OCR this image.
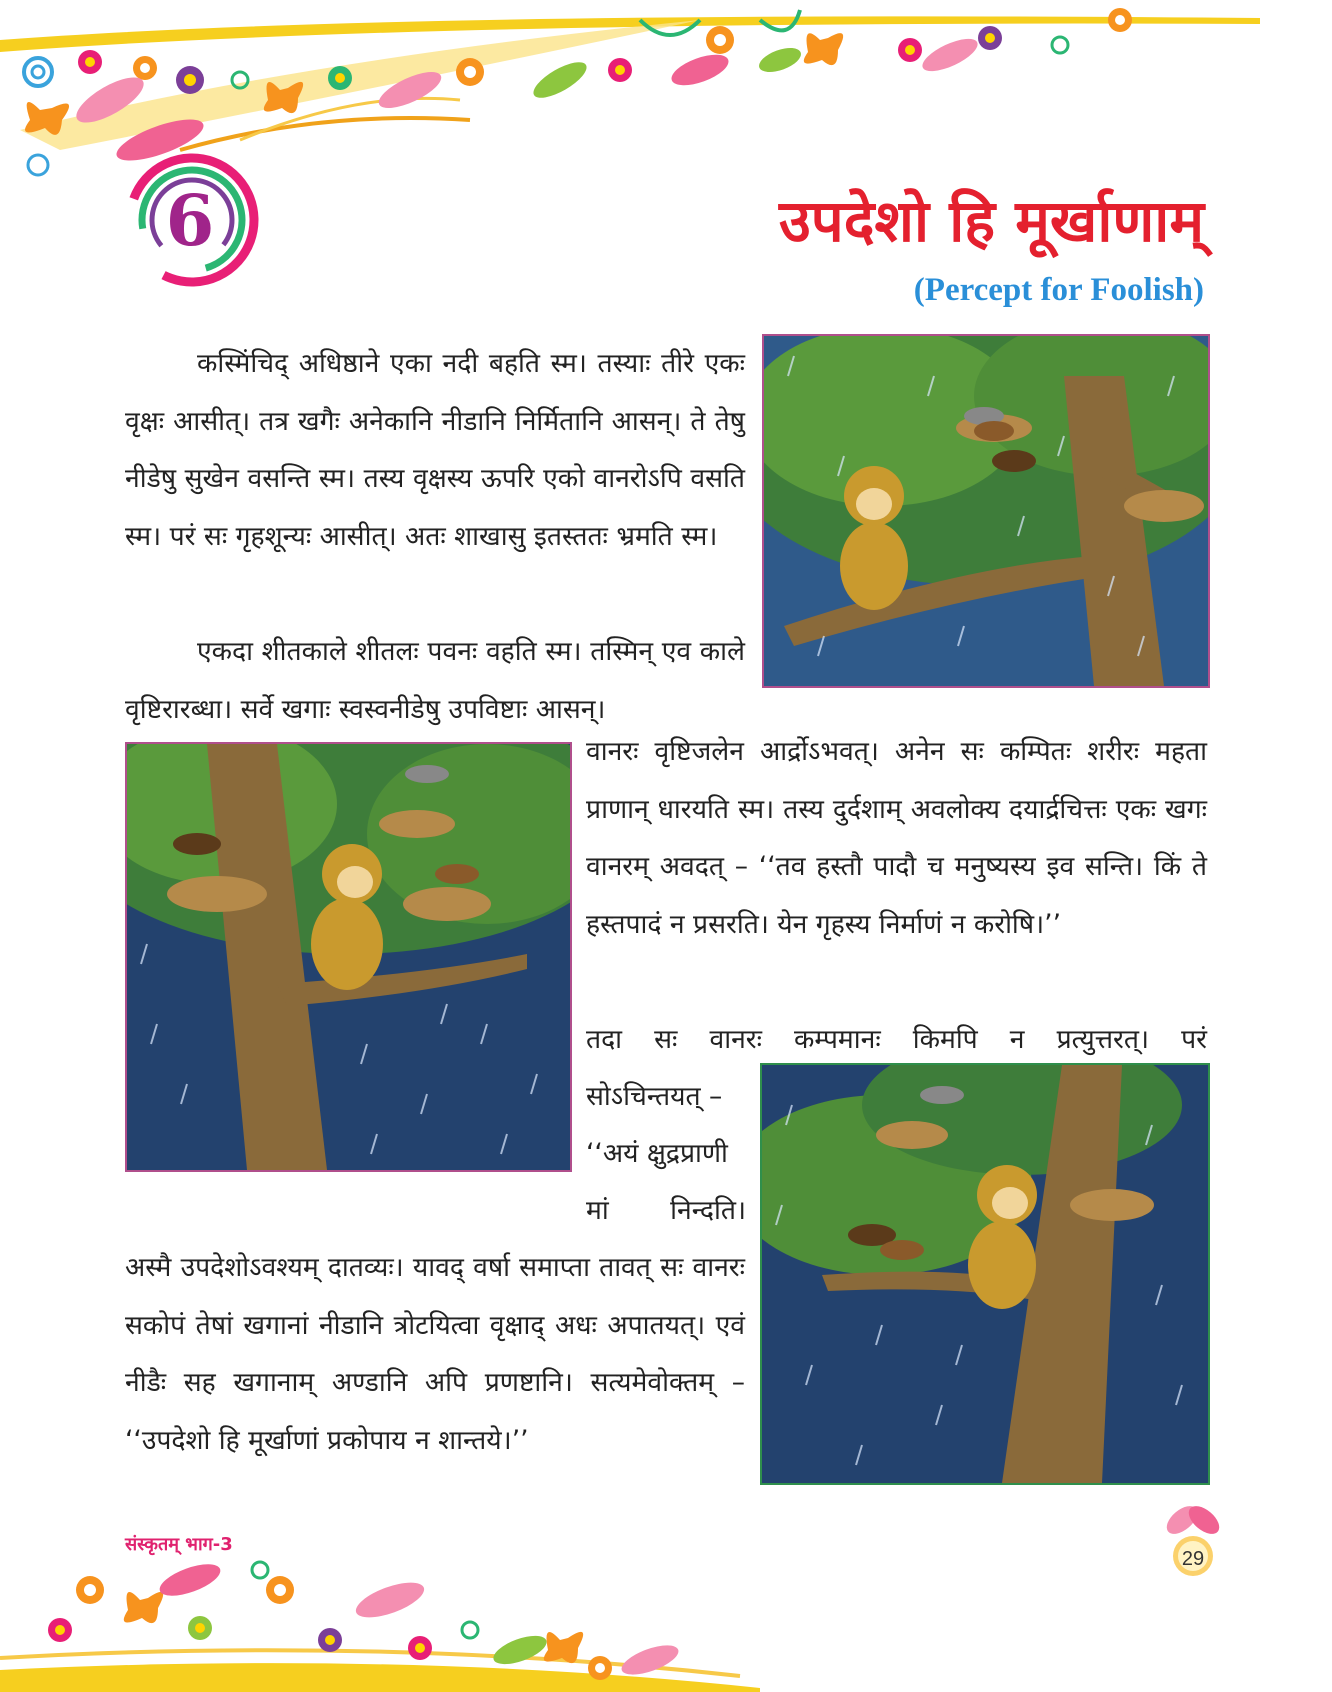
6	उपदेशो हि मूर्खाणाम्
(Percept for Foolish)
कस्मिंचिद् अधिष्ठाने एका नदी बहति स्म। तस्याः तीरे एकः वृक्षः आसीत्। तत्र खगैः अनेकानि नीडानि निर्मितानि आसन्। ते तेषु नीडेषु सुखेन वसन्ति स्म। तस्य वृक्षस्य ऊपरि एको वानरोऽपि वसति स्म। परं सः गृहशून्यः आसीत्। अतः शाखासु इतस्ततः भ्रमति स्म।
एकदा शीतकाले शीतलः पवनः वहति स्म। तस्मिन् एव काले वृष्टिरारब्धा। सर्वे खगाः स्वस्वनीडेषु उपविष्टाः आसन्।
वानरः वृष्टिजलेन आर्द्रोऽभवत्। अनेन सः कम्पितः शरीरः महता प्राणान् धारयति स्म। तस्य दुर्दशाम् अवलोक्य दयार्द्रचित्तः एकः खगः वानरम् अवदत् – ‘‘तव हस्तौ पादौ च मनुष्यस्य इव सन्ति। किं ते हस्तपादं न प्रसरति। येन गृहस्य निर्माणं न करोषि।’’
तदा सः वानरः कम्पमानः किमपि न प्रत्युत्तरत्। परं
सोऽचिन्तयत् –
‘‘अयं क्षुद्रप्राणी
मां निन्दति।
अस्मै उपदेशोऽवश्यम् दातव्यः। यावद् वर्षा समाप्ता तावत् सः वानरः सकोपं तेषां खगानां नीडानि त्रोटयित्वा वृक्षाद् अधः अपातयत्। एवं नीडैः सह खगानाम् अण्डानि अपि प्रणष्टानि। सत्यमेवोक्तम् – ‘‘उपदेशो हि मूर्खाणां प्रकोपाय न शान्तये।’’
संस्कृतम् भाग-3
29
